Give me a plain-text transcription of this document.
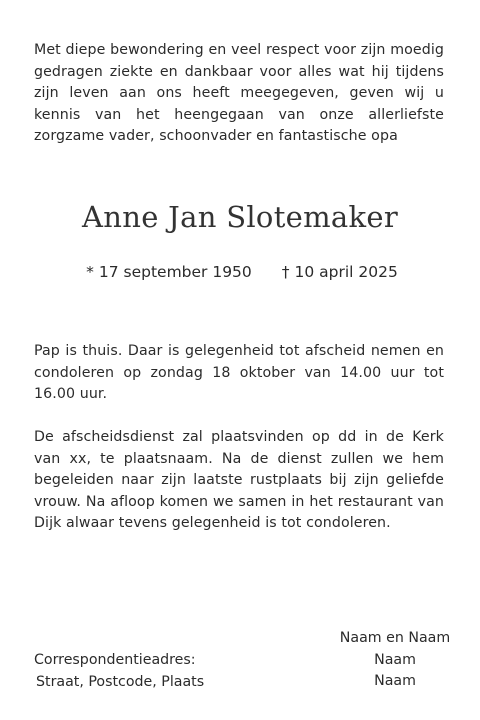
Met diepe bewondering en veel respect voor zijn moedig gedragen ziekte en dankbaar voor alles wat hij tijdens zijn leven aan ons heeft meegegeven, geven wij u kennis van het heengegaan van onze allerliefste zorgzame vader, schoonvader en fantastische opa

Anne Jan Slotemaker
* 17 september 1950 † 10 april 2025

Pap is thuis. Daar is gelegenheid tot afscheid nemen en condoleren op zondag 18 oktober van 14.00 uur tot 16.00 uur.

De afscheidsdienst zal plaatsvinden op dd in de Kerk van xx, te plaatsnaam. Na de dienst zullen we hem begeleiden naar zijn laatste rustplaats bij zijn geliefde vrouw. Na afloop komen we samen in het restaurant van Dijk alwaar tevens gelegenheid is tot condoleren.

Correspondentieadres:
Straat, Postcode, Plaats
Naam en Naam
Naam
Naam
